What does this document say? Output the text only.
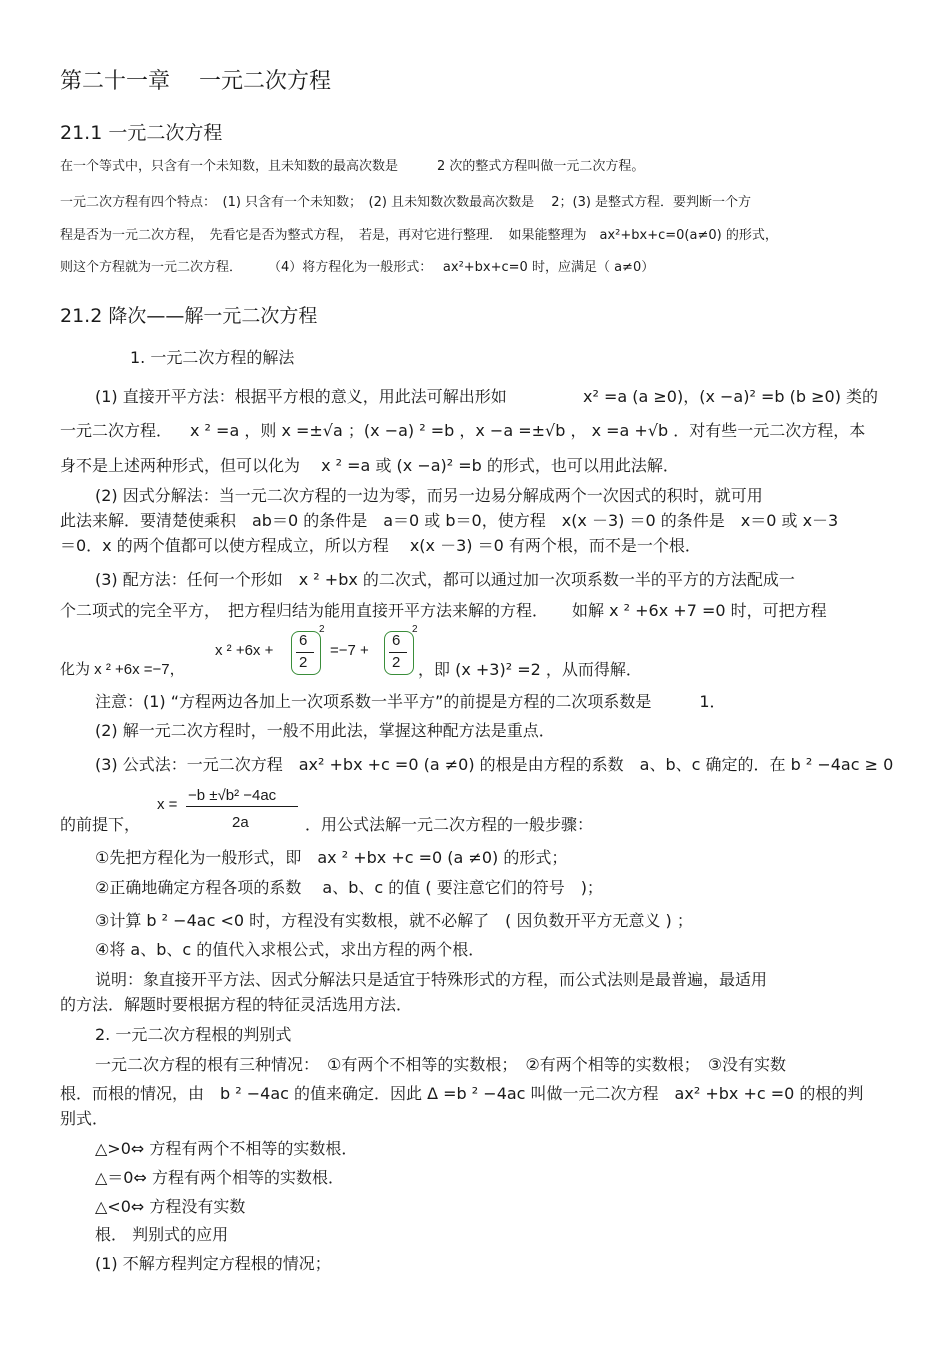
第二十一章　 一元二次方程
21.1 一元二次方程
在一个等式中，只含有一个未知数，且未知数的最高次数是　　　2 次的整式方程叫做一元二次方程。
一元二次方程有四个特点：　(1) 只含有一个未知数；　(2) 且未知数次数最高次数是　 2；(3) 是整式方程．要判断一个方
程是否为一元二次方程，　先看它是否为整式方程，　若是，再对它进行整理．　如果能整理为　ax²+bx+c=0(a≠0) 的形式，
则这个方程就为一元二次方程．　　　（4）将方程化为一般形式：　 ax²+bx+c=0 时，应满足（ a≠0）
21.2 降次——解一元二次方程
1. 一元二次方程的解法
(1) 直接开平方法：根据平方根的意义，用此法可解出形如	x² =a (a ≥0)，(x −a)² =b (b ≥0) 类的
一元二次方程． x ² =a ，则 x =±√a ；(x −a) ² =b ，x −a =±√b ， x =a +√b ．对有些一元二次方程，本
身不是上述两种形式，但可以化为　 x ² =a 或 (x −a)² =b 的形式，也可以用此法解．
(2) 因式分解法：当一元二次方程的一边为零，而另一边易分解成两个一次因式的积时，就可用
此法来解．要清楚使乘积　ab＝0 的条件是　a＝0 或 b＝0，使方程　x(x －3) ＝0 的条件是　x＝0 或 x－3
＝0．x 的两个值都可以使方程成立，所以方程　 x(x －3) ＝0 有两个根，而不是一个根．
(3) 配方法：任何一个形如　x ² +bx 的二次式，都可以通过加一次项系数一半的平方的方法配成一
个二项式的完全平方，　把方程归结为能用直接开平方法来解的方程．　　如解 x ² +6x +7 =0 时，可把方程
化为 x ² +6x =−7，
x ² +6x +
6
2
2
=−7 +
6
2
2
，即 (x +3)² =2 ，从而得解．
注意：(1) “方程两边各加上一次项系数一半平方”的前提是方程的二次项系数是　　　1．
(2) 解一元二次方程时，一般不用此法，掌握这种配方法是重点．
(3) 公式法：一元二次方程　ax² +bx +c =0 (a ≠0) 的根是由方程的系数　a、b、c 确定的．在 b ² −4ac ≥ 0
x =
−b ±√b² −4ac
2a
的前提下，	．用公式法解一元二次方程的一般步骤：
①先把方程化为一般形式，即　ax ² +bx +c =0 (a ≠0) 的形式；
②正确地确定方程各项的系数　 a、b、c 的值 ( 要注意它们的符号　)；
③计算 b ² −4ac <0 时，方程没有实数根，就不必解了　( 因负数开平方无意义 ) ；
④将 a、b、c 的值代入求根公式，求出方程的两个根．
说明：象直接开平方法、因式分解法只是适宜于特殊形式的方程，而公式法则是最普遍，最适用
的方法．解题时要根据方程的特征灵活选用方法．
2. 一元二次方程根的判别式
一元二次方程的根有三种情况：　①有两个不相等的实数根；　②有两个相等的实数根；　③没有实数
根．而根的情况，由　b ² −4ac 的值来确定．因此 Δ =b ² −4ac 叫做一元二次方程　ax² +bx +c =0 的根的判
别式．
△>0⇔ 方程有两个不相等的实数根．
△＝0⇔ 方程有两个相等的实数根．
△<0⇔ 方程没有实数
根． 判别式的应用
(1) 不解方程判定方程根的情况；
